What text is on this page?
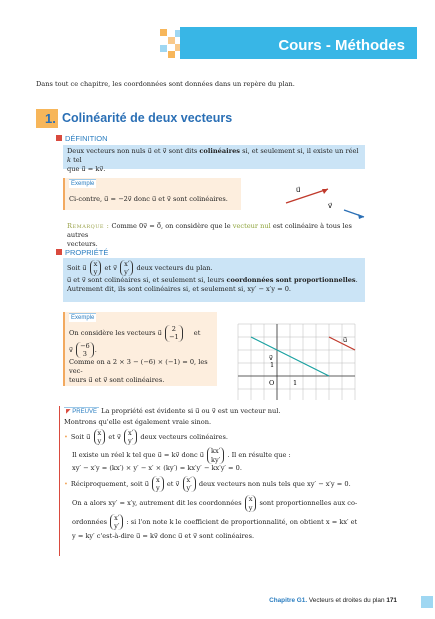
Cours - Méthodes
Dans tout ce chapitre, les coordonnées sont données dans un repère du plan.
1. Colinéarité de deux vecteurs
DÉFINITION
Deux vecteurs non nuls u⃗ et v⃗ sont dits colinéaires si, et seulement si, il existe un réel k tel
que u⃗ = kv⃗.
Exemple
Ci-contre, u⃗ = −2v⃗ donc u⃗ et v⃗ sont colinéaires.
u⃗
v⃗
Remarque : Comme 0v⃗ = 0⃗, on considère que le vecteur nul est colinéaire à tous les autres
vecteurs.
PROPRIÉTÉ
Soit u⃗
x
y et v⃗
x′
y′ deux vecteurs du plan.
u⃗ et v⃗ sont colinéaires si, et seulement si, leurs coordonnées sont proportionnelles.
Autrement dit, ils sont colinéaires si, et seulement si, xy′ − x′y = 0.
Exemple
On considère les vecteurs u⃗
2
−1 et
v⃗
−6
3	.
Comme on a 2 × 3 − (−6) × (−1) = 0, les vec-
teurs u⃗ et v⃗ sont colinéaires.
u⃗
v⃗
O	1
1
◤ PREUVE La propriété est évidente si u⃗ ou v⃗ est un vecteur nul.
Montrons qu'elle est également vraie sinon.
• Soit u⃗
x
y et v⃗
x′
y′ deux vecteurs colinéaires.
Il existe un réel k tel que u⃗ = kv⃗ donc u⃗
kx′
ky′ . Il en résulte que :
xy′ − x′y = (kx′) × y′ − x′ × (ky′) = kx′y′ − kx′y′ = 0.
• Réciproquement, soit u⃗
x
y et v⃗
x′
y′ deux vecteurs non nuls tels que xy′ − x′y = 0.
On a alors xy′ = x′y, autrement dit les coordonnées
x
y sont proportionnelles aux co-
ordonnées
x′
y′ : si l'on note k le coefficient de proportionnalité, on obtient x = kx′ et
y = ky′ c'est-à-dire u⃗ = kv⃗ donc u⃗ et v⃗ sont colinéaires.
Chapitre G1. Vecteurs et droites du plan 171
